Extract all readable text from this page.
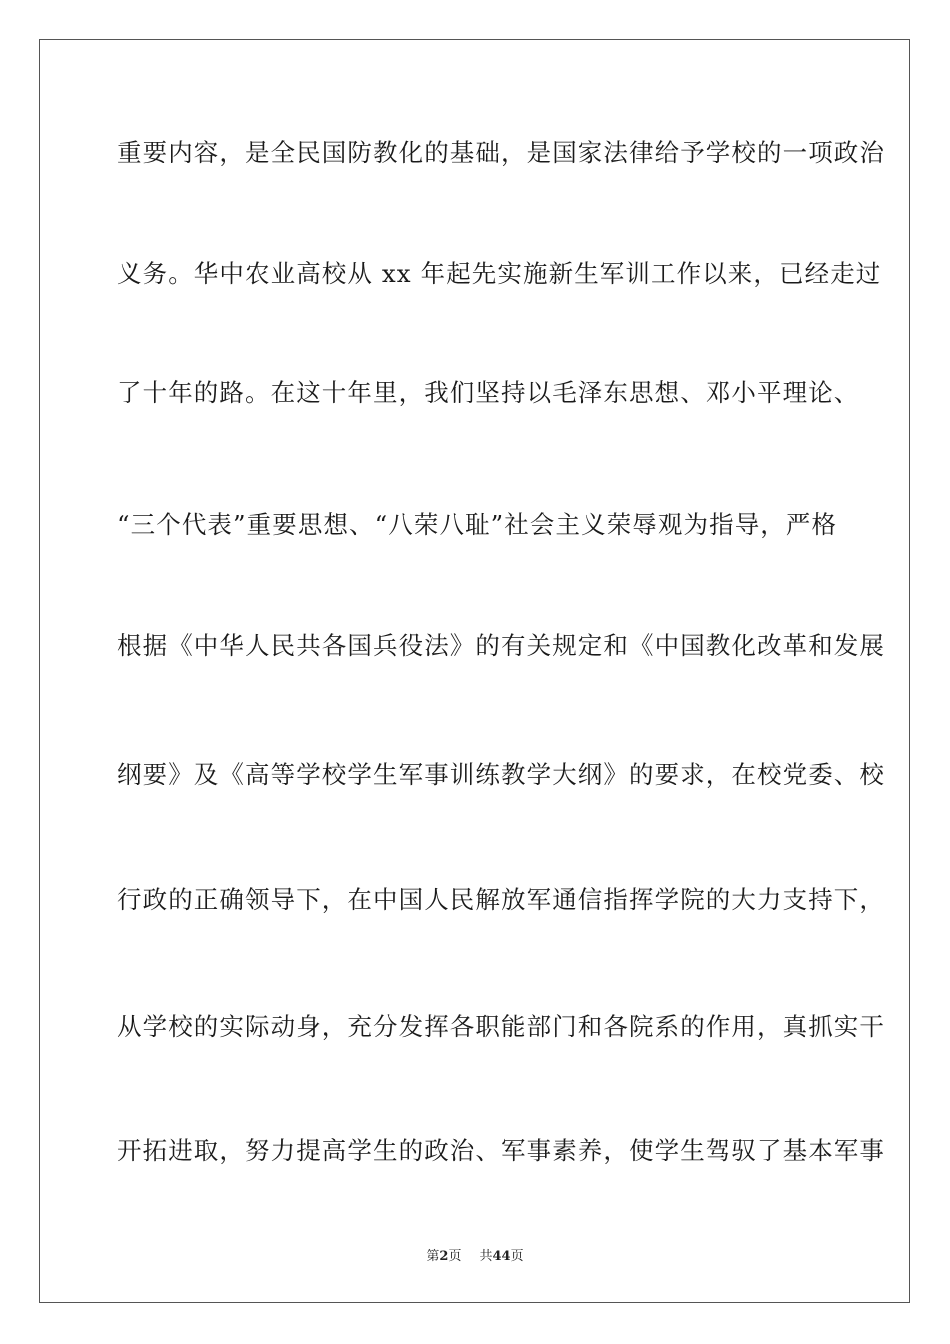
重要内容，是全民国防教化的基础，是国家法律给予学校的一项政治
义务。华中农业高校从 xx 年起先实施新生军训工作以来，已经走过
了十年的路。在这十年里，我们坚持以毛泽东思想、邓小平理论、
“三个代表”重要思想、“八荣八耻”社会主义荣辱观为指导，严格
根据《中华人民共各国兵役法》的有关规定和《中国教化改革和发展
纲要》及《高等学校学生军事训练教学大纲》的要求，在校党委、校
行政的正确领导下，在中国人民解放军通信指挥学院的大力支持下，
从学校的实际动身，充分发挥各职能部门和各院系的作用，真抓实干
开拓进取，努力提高学生的政治、军事素养，使学生驾驭了基本军事
第2页 共44页
